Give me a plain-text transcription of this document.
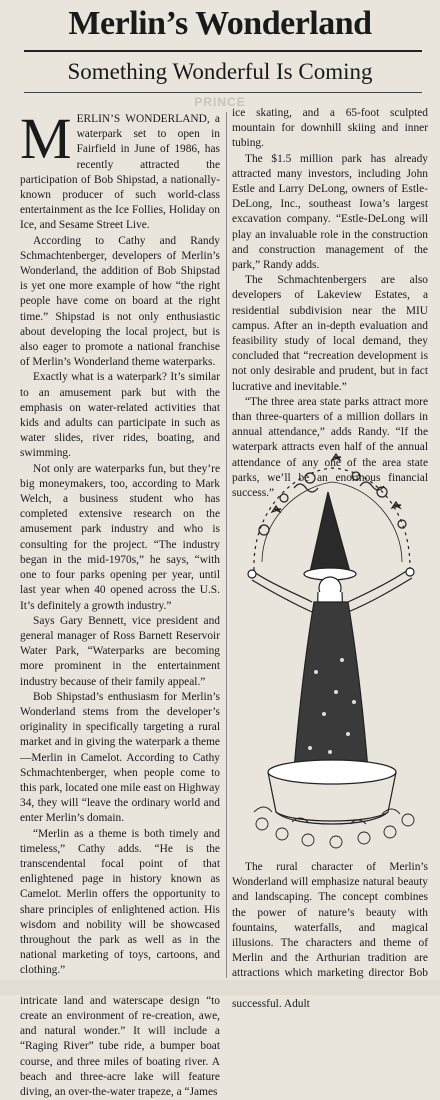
Merlin’s Wonderland
Something Wonderful Is Coming
PRINCE

MERLIN’S WONDERLAND, a waterpark set to open in Fairfield in June of 1986, has recently attracted the participation of Bob Shipstad, a nationally-known producer of such world-class entertainment as the Ice Follies, Holiday on Ice, and Sesame Street Live.

According to Cathy and Randy Schmachtenberger, developers of Merlin’s Wonderland, the addition of Bob Shipstad is yet one more example of how “the right people have come on board at the right time.” Shipstad is not only enthusiastic about developing the local project, but is also eager to promote a national franchise of Merlin’s Wonderland theme waterparks.

Exactly what is a waterpark? It’s similar to an amusement park but with the emphasis on water-related activities that kids and adults can participate in such as water slides, river rides, boating, and swimming.

Not only are waterparks fun, but they’re big moneymakers, too, according to Mark Welch, a business student who has completed extensive research on the amusement park industry and who is consulting for the project. “The industry began in the mid-1970s,” he says, “with one to four parks opening per year, until last year when 40 opened across the U.S. It’s definitely a growth industry.”

Says Gary Bennett, vice president and general manager of Ross Barnett Reservoir Water Park, “Waterparks are becoming more prominent in the entertainment industry because of their family appeal.”

Bob Shipstad’s enthusiasm for Merlin’s Wonderland stems from the developer’s originality in specifically targeting a rural market and in giving the waterpark a theme—Merlin in Camelot. According to Cathy Schmachtenberger, when people come to this park, located one mile east on Highway 34, they will “leave the ordinary world and enter Merlin’s domain.

“Merlin as a theme is both timely and timeless,” Cathy adds. “He is the transcendental focal point of that enlightened page in history known as Camelot. Merlin offers the opportunity to share principles of enlightened action. His wisdom and nobility will be showcased throughout the park as well as in the national marketing of toys, cartoons, and clothing.”

intricate land and waterscape design “to create an environment of re-creation, awe, and natural wonder.” It will include a “Raging River” tube ride, a bumper boat course, and three miles of boating river. A beach and three-acre lake will feature diving, an over-the-water trapeze, a “James

ice skating, and a 65-foot sculpted mountain for downhill skiing and inner tubing.

The $1.5 million park has already attracted many investors, including John Estle and Larry DeLong, owners of Estle-DeLong, Inc., southeast Iowa’s largest excavation company. “Estle-DeLong will play an invaluable role in the construction and construction management of the park,” Randy adds.

The Schmachtenbergers are also developers of Lakeview Estates, a residential subdivision near the MIU campus. After an in-depth evaluation and feasibility study of local demand, they concluded that “recreation development is not only desirable and prudent, but in fact lucrative and inevitable.”

“The three area state parks attract more than three-quarters of a million dollars in annual attendance,” adds Randy. “If the waterpark attracts even half of the annual attendance of any one of the area state parks, we’ll be an enormous financial success.”

The rural character of Merlin’s Wonderland will emphasize natural beauty and landscaping. The concept combines the power of nature’s beauty with fountains, waterfalls, and magical illusions. The characters and theme of Merlin and the Arthurian tradition are attractions which marketing director Bob successful. Adult
